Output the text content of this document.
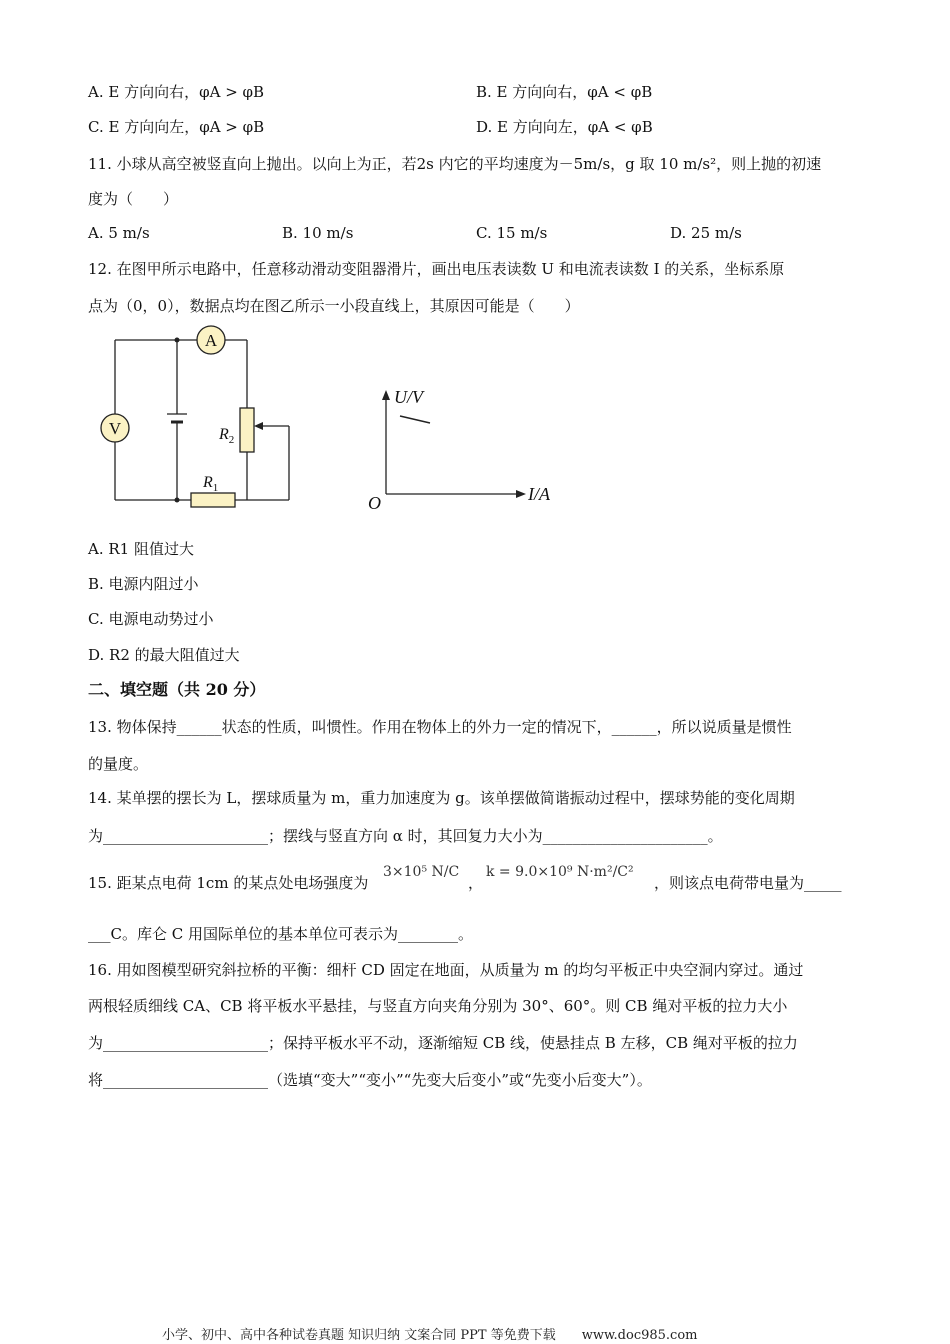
A. E 方向向右，φA > φB	B. E 方向向右，φA < φB
C. E 方向向左，φA > φB	D. E 方向向左，φA < φB
11. 小球从高空被竖直向上抛出。以向上为正，若2s 内它的平均速度为－5m/s，g 取 10 m/s²，则上抛的初速
度为（　　）
A. 5 m/s	B. 10 m/s	C. 15 m/s	D. 25 m/s
12. 在图甲所示电路中，任意移动滑动变阻器滑片，画出电压表读数 U 和电流表读数 I 的关系，坐标系原
点为（0，0），数据点均在图乙所示一小段直线上，其原因可能是（　　）
A
V	$R_2$
$R_1$
U/V
I/A
O
A. R1 阻值过大
B. 电源内阻过小
C. 电源电动势过小
D. R2 的最大阻值过大
二、填空题（共 20 分）
13. 物体保持______状态的性质，叫惯性。作用在物体上的外力一定的情况下，______，所以说质量是惯性
的量度。
14. 某单摆的摆长为 L，摆球质量为 m，重力加速度为 g。该单摆做简谐振动过程中，摆球势能的变化周期
为______________________；摆线与竖直方向 α 时，其回复力大小为______________________。
15. 距某点电荷 1cm 的某点处电场强度为
3×10⁵ N/C
，
k = 9.0×10⁹ N·m²/C²
，则该点电荷带电量为_____
___C。库仑 C 用国际单位的基本单位可表示为________。
16. 用如图模型研究斜拉桥的平衡：细杆 CD 固定在地面，从质量为 m 的均匀平板正中央空洞内穿过。通过
两根轻质细线 CA、CB 将平板水平悬挂，与竖直方向夹角分别为 30°、60°。则 CB 绳对平板的拉力大小
为______________________；保持平板水平不动，逐渐缩短 CB 线，使悬挂点 B 左移，CB 绳对平板的拉力
将______________________（选填“变大”“变小”“先变大后变小”或“先变小后变大”）。
小学、初中、高中各种试卷真题 知识归纳 文案合同 PPT 等免费下载　　www.doc985.com
